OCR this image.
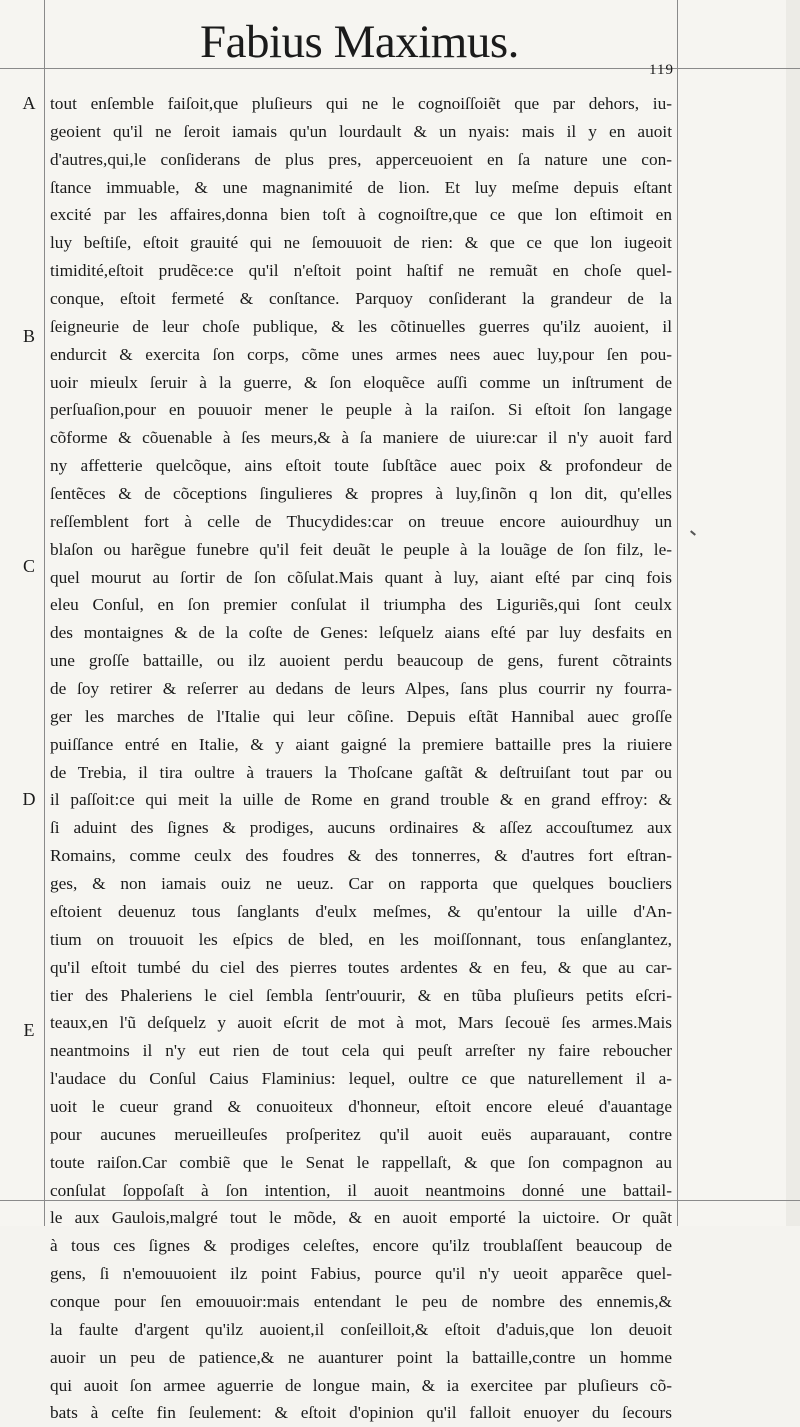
Fabius Maximus.
119
A
B
C
D
E
tout enſemble faiſoit,que pluſieurs qui ne le cognoiſſoiẽt que par dehors, iu-
geoient qu'il ne ſeroit iamais qu'un lourdault & un nyais: mais il y en auoit
d'autres,qui,le conſiderans de plus pres, apperceuoient en ſa nature une con-
ſtance immuable, & une magnanimité de lion. Et luy meſme depuis eſtant
excité par les affaires,donna bien toſt à cognoiſtre,que ce que lon eſtimoit en
luy beſtiſe, eſtoit grauité qui ne ſemouuoit de rien: & que ce que lon iugeoit
timidité,eſtoit prudẽce:ce qu'il n'eſtoit point haſtif ne remuãt en choſe quel-
conque, eſtoit fermeté & conſtance. Parquoy conſiderant la grandeur de la
ſeigneurie de leur choſe publique, & les cõtinuelles guerres qu'ilz auoient, il
endurcit & exercita ſon corps, cõme unes armes nees auec luy,pour ſen pou-
uoir mieulx ſeruir à la guerre, & ſon eloquẽce auſſi comme un inſtrument de
perſuaſion,pour en pouuoir mener le peuple à la raiſon. Si eſtoit ſon langage
cõforme & cõuenable à ſes meurs,& à ſa maniere de uiure:car il n'y auoit fard
ny affetterie quelcõque, ains eſtoit toute ſubſtãce auec poix & profondeur de
ſentẽces & de cõceptions ſingulieres & propres à luy,ſinõn q lon dit, qu'elles
reſſemblent fort à celle de Thucydides:car on treuue encore auiourdhuy un
blaſon ou harẽgue funebre qu'il feit deuãt le peuple à la louãge de ſon filz, le-
quel mourut au ſortir de ſon cõſulat.Mais quant à luy, aiant eſté par cinq fois
eleu Conſul, en ſon premier conſulat il triumpha des Liguriẽs,qui ſont ceulx
des montaignes & de la coſte de Genes: leſquelz aians eſté par luy desfaits en
une groſſe battaille, ou ilz auoient perdu beaucoup de gens, furent cõtraints
de ſoy retirer & reſerrer au dedans de leurs Alpes, ſans plus courrir ny fourra-
ger les marches de l'Italie qui leur cõſine. Depuis eſtãt Hannibal auec groſſe
puiſſance entré en Italie, & y aiant gaigné la premiere battaille pres la riuiere
de Trebia, il tira oultre à trauers la Thoſcane gaſtãt & deſtruiſant tout par ou
il paſſoit:ce qui meit la uille de Rome en grand trouble & en grand effroy: &
ſi aduint des ſignes & prodiges, aucuns ordinaires & aſſez accouſtumez aux
Romains, comme ceulx des foudres & des tonnerres, & d'autres fort eſtran-
ges, & non iamais ouiz ne ueuz. Car on rapporta que quelques boucliers
eſtoient deuenuz tous ſanglants d'eulx meſmes, & qu'entour la uille d'An-
tium on trouuoit les eſpics de bled, en les moiſſonnant, tous enſanglantez,
qu'il eſtoit tumbé du ciel des pierres toutes ardentes & en feu, & que au car-
tier des Phaleriens le ciel ſembla ſentr'ouurir, & en tũba pluſieurs petits eſcri-
teaux,en l'ũ deſquelz y auoit eſcrit de mot à mot, Mars ſecouë ſes armes.Mais
neantmoins il n'y eut rien de tout cela qui peuſt arreſter ny faire reboucher
l'audace du Conſul Caius Flaminius: lequel, oultre ce que naturellement il a-
uoit le cueur grand & conuoiteux d'honneur, eſtoit encore eleué d'auantage
pour aucunes merueilleuſes proſperitez qu'il auoit euës auparauant, contre
toute raiſon.Car combiẽ que le Senat le rappellaſt, & que ſon compagnon au
conſulat ſoppoſaſt à ſon intention, il auoit neantmoins donné une battail-
le aux Gaulois,malgré tout le mõde, & en auoit emporté la uictoire. Or quãt
à tous ces ſignes & prodiges celeſtes, encore qu'ilz troublaſſent beaucoup de
gens, ſi n'emouuoient ilz point Fabius, pource qu'il n'y ueoit apparẽce quel-
conque pour ſen emouuoir:mais entendant le peu de nombre des ennemis,&
la faulte d'argent qu'ilz auoient,il conſeilloit,& eſtoit d'aduis,que lon deuoit
auoir un peu de patience,& ne auanturer point la battaille,contre un homme
qui auoit ſon armee aguerrie de longue main, & ia exercitee par pluſieurs cõ-
bats à ceſte fin ſeulement: & eſtoit d'opinion qu'il falloit enuoyer du ſecours
